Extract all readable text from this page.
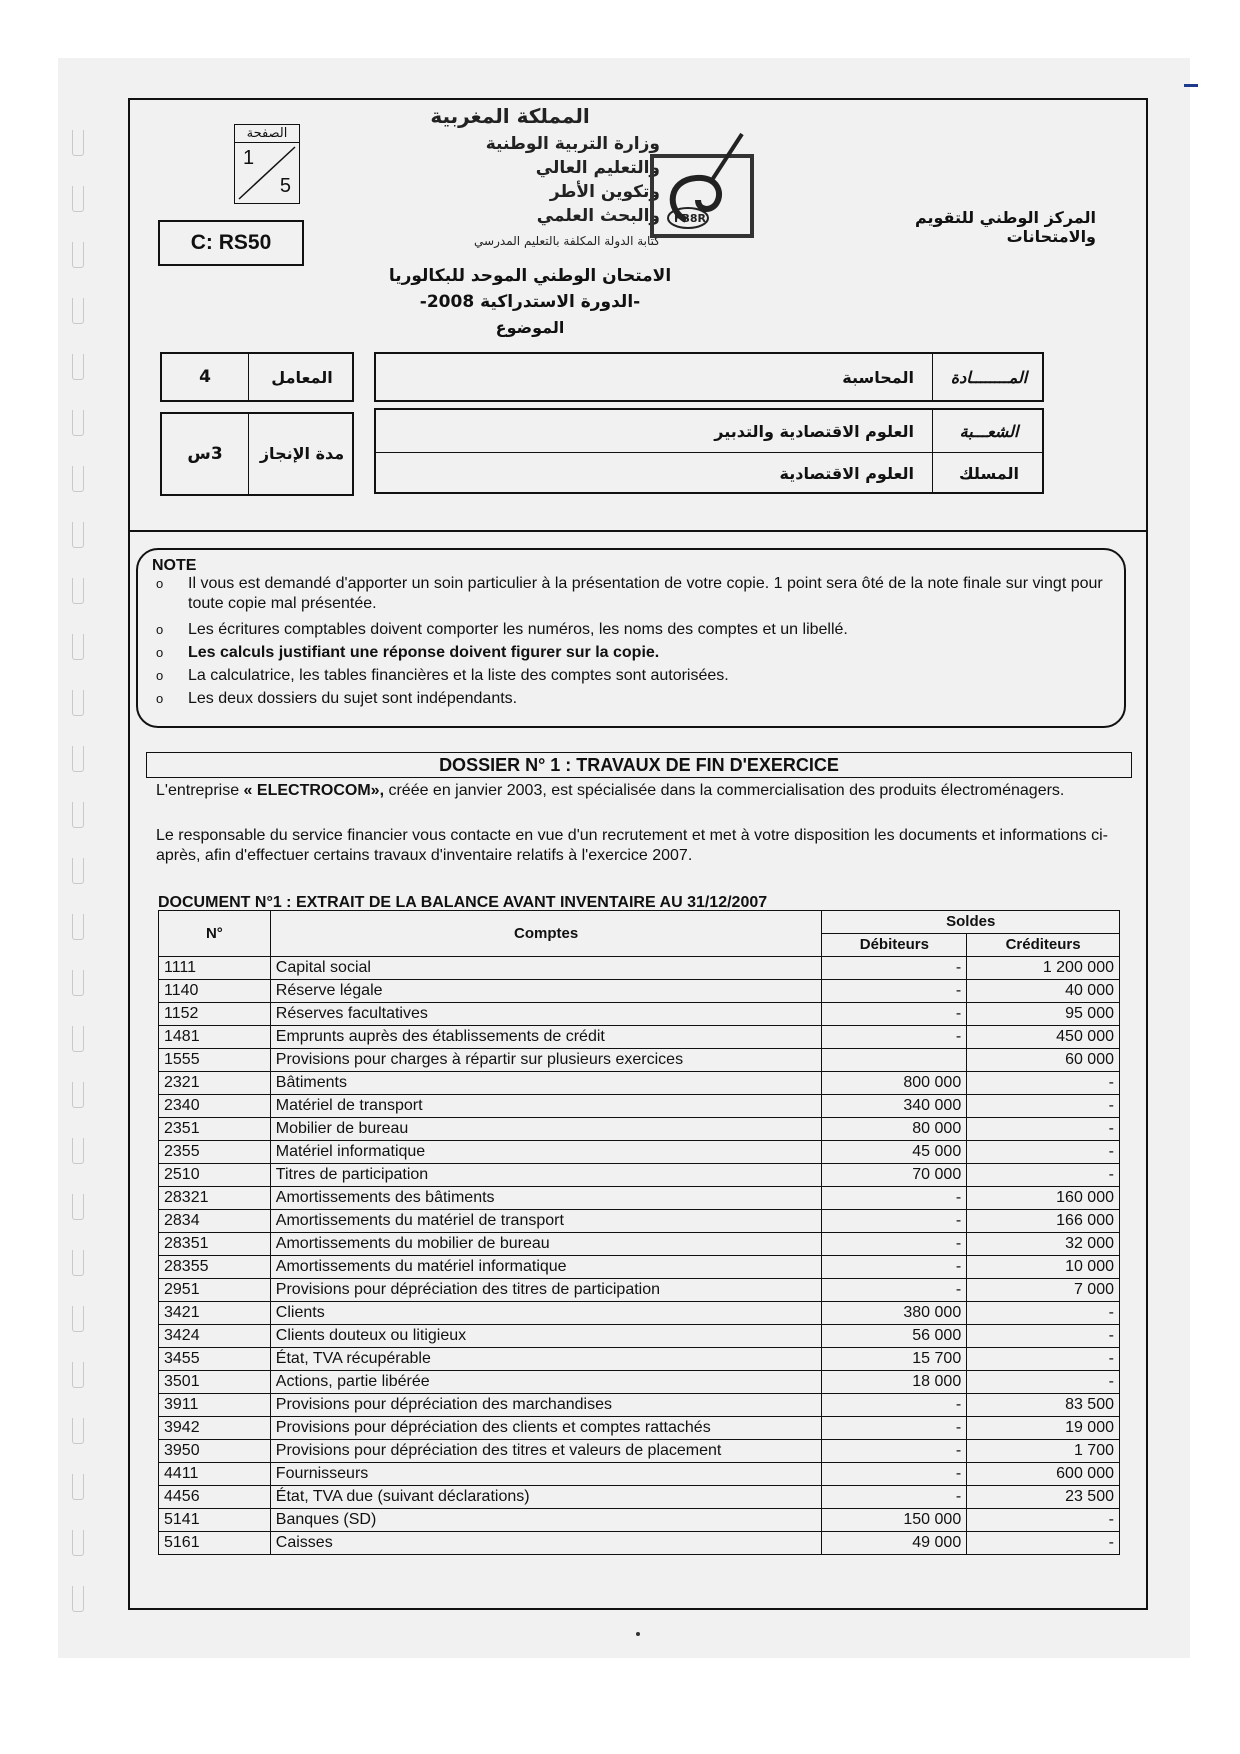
الصفحة
1
5
C: RS50
المملكة المغربية
وزارة التربية الوطنية
والتعليم العالي
وتكوين الأطر
والبحث العلمي
كتابة الدولة المكلفة بالتعليم المدرسي
FB8R	المركز الوطني للتقويم والامتحانات
الامتحان الوطني الموحد للبكالوريا
-الدورة الاستدراكية 2008-
الموضوع
4	المعامل
3س	مدة الإنجاز
المحاسبة	المــــــــادة
العلوم الاقتصادية والتدبير	الشعـــبة
العلوم الاقتصادية	المسلك
NOTE
o Il vous est demandé d'apporter un soin particulier à la présentation de votre copie. 1 point sera ôté de la note finale sur vingt pour toute copie mal présentée.
o Les écritures comptables doivent comporter les numéros, les noms des comptes et un libellé.
o Les calculs justifiant une réponse doivent figurer sur la copie.
o La calculatrice, les tables financières et la liste des comptes sont autorisées.
o Les deux dossiers du sujet sont indépendants.
DOSSIER N° 1 : TRAVAUX DE FIN D'EXERCICE
L'entreprise « ELECTROCOM», créée en janvier 2003, est spécialisée dans la commercialisation des produits électroménagers.
Le responsable du service financier vous contacte en vue d'un recrutement et met à votre disposition les documents et informations ci-après, afin d'effectuer certains travaux d'inventaire relatifs à l'exercice 2007.
DOCUMENT N°1 : EXTRAIT DE LA BALANCE AVANT INVENTAIRE AU 31/12/2007
N°	Comptes	Soldes	
		Débiteurs	Créditeurs
1111	Capital social	-	1 200 000
1140	Réserve légale	-	40 000
1152	Réserves facultatives	-	95 000
1481	Emprunts auprès des établissements de crédit	-	450 000
1555	Provisions pour charges à répartir sur plusieurs exercices		60 000
2321	Bâtiments	800 000	-
2340	Matériel de transport	340 000	-
2351	Mobilier de bureau	80 000	-
2355	Matériel informatique	45 000	-
2510	Titres de participation	70 000	-
28321	Amortissements des bâtiments	-	160 000
2834	Amortissements du matériel de transport	-	166 000
28351	Amortissements du mobilier de bureau	-	32 000
28355	Amortissements du matériel informatique	-	10 000
2951	Provisions pour dépréciation des titres de participation	-	7 000
3421	Clients	380 000	-
3424	Clients douteux ou litigieux	56 000	-
3455	État, TVA récupérable	15 700	-
3501	Actions, partie libérée	18 000	-
3911	Provisions pour dépréciation des marchandises	-	83 500
3942	Provisions pour dépréciation des clients et comptes rattachés	-	19 000
3950	Provisions pour dépréciation des titres et valeurs de placement	-	1 700
4411	Fournisseurs	-	600 000
4456	État, TVA due (suivant déclarations)	-	23 500
5141	Banques (SD)	150 000	-
5161	Caisses	49 000	-
